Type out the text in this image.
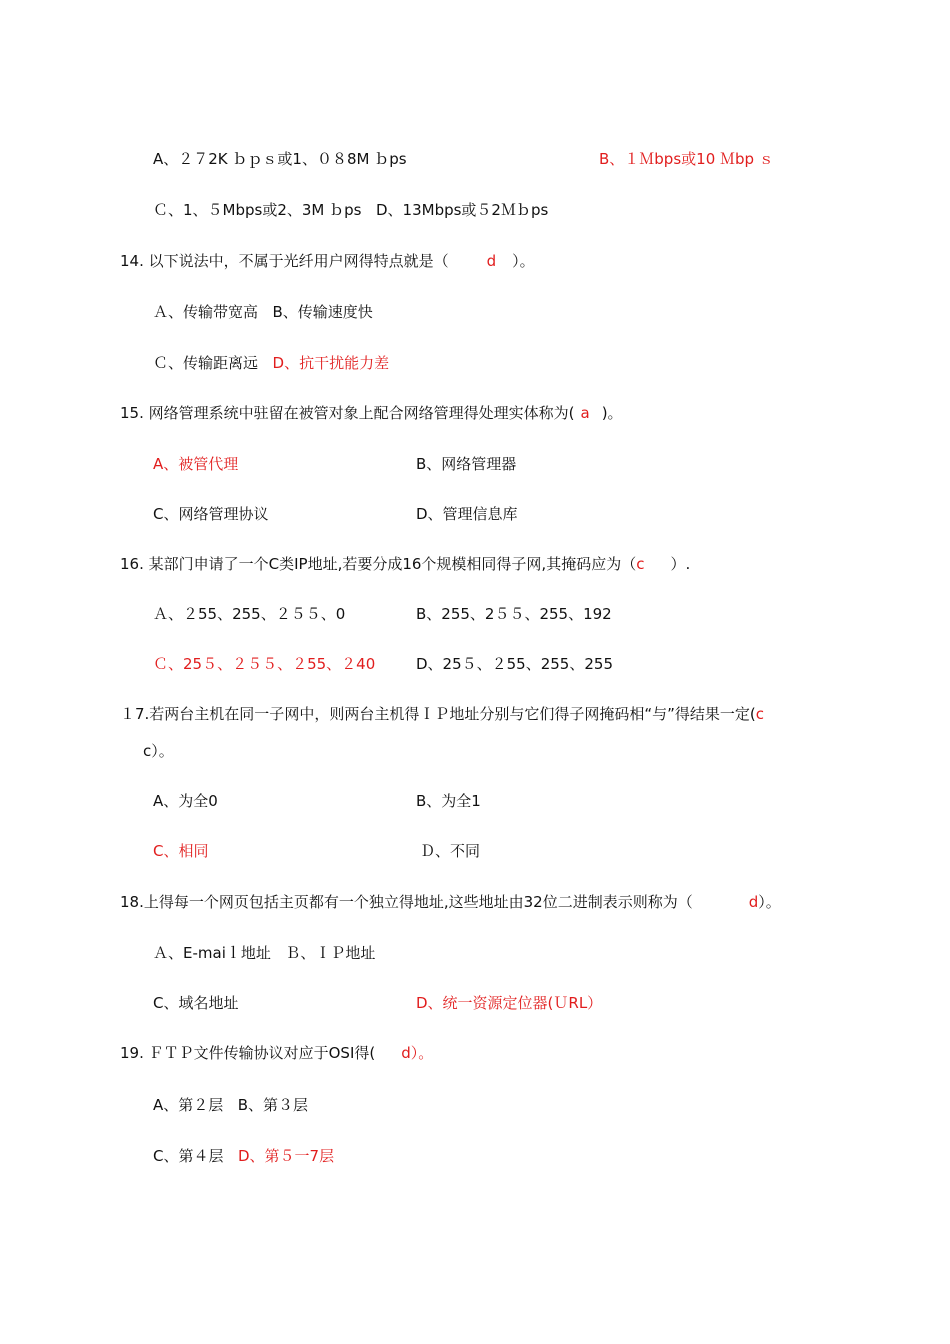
A、２７2K ｂｐｓ或1、０８8M ｂps	B、１Ｍbps或10 Ｍbp ｓ
Ｃ、1、５Mbps或2、3M ｂpsᅟD、13Mbps或５2Ｍｂps
14. 以下说法中，不属于光纤用户网得特点就是（	d ）。
Ａ、传输带宽高ᅟB、传输速度快
Ｃ、传输距离远ᅟD、抗干扰能力差
15. 网络管理系统中驻留在被管对象上配合网络管理得处理实体称为( a )。
A、被管代理	B、网络管理器
C、网络管理协议	D、管理信息库
16. 某部门申请了一个C类IP地址,若要分成16个规模相同得子网,其掩码应为（c ）.
Ａ、２55、255、２５５、0	B、255、2５５、255、192
Ｃ、25５、２５５、２55、２40	D、25５、２55、255、255
１7.若两台主机在同一子网中，则两台主机得ＩＰ地址分别与它们得子网掩码相“与”得结果一定(c
c）。
A、为全0	B、为全1
C、相同	Ｄ、不同
18.上得每一个网页包括主页都有一个独立得地址,这些地址由32位二进制表示则称为（	d）。
Ａ、E-maiｌ地址ᅟＢ、ＩＰ地址
C、域名地址	D、统一资源定位器(ＵRL）
19. ＦＴＰ文件传输协议对应于OSI得( d）。
A、第２层ᅟB、第３层
C、第４层ᅟD、第５一7层
